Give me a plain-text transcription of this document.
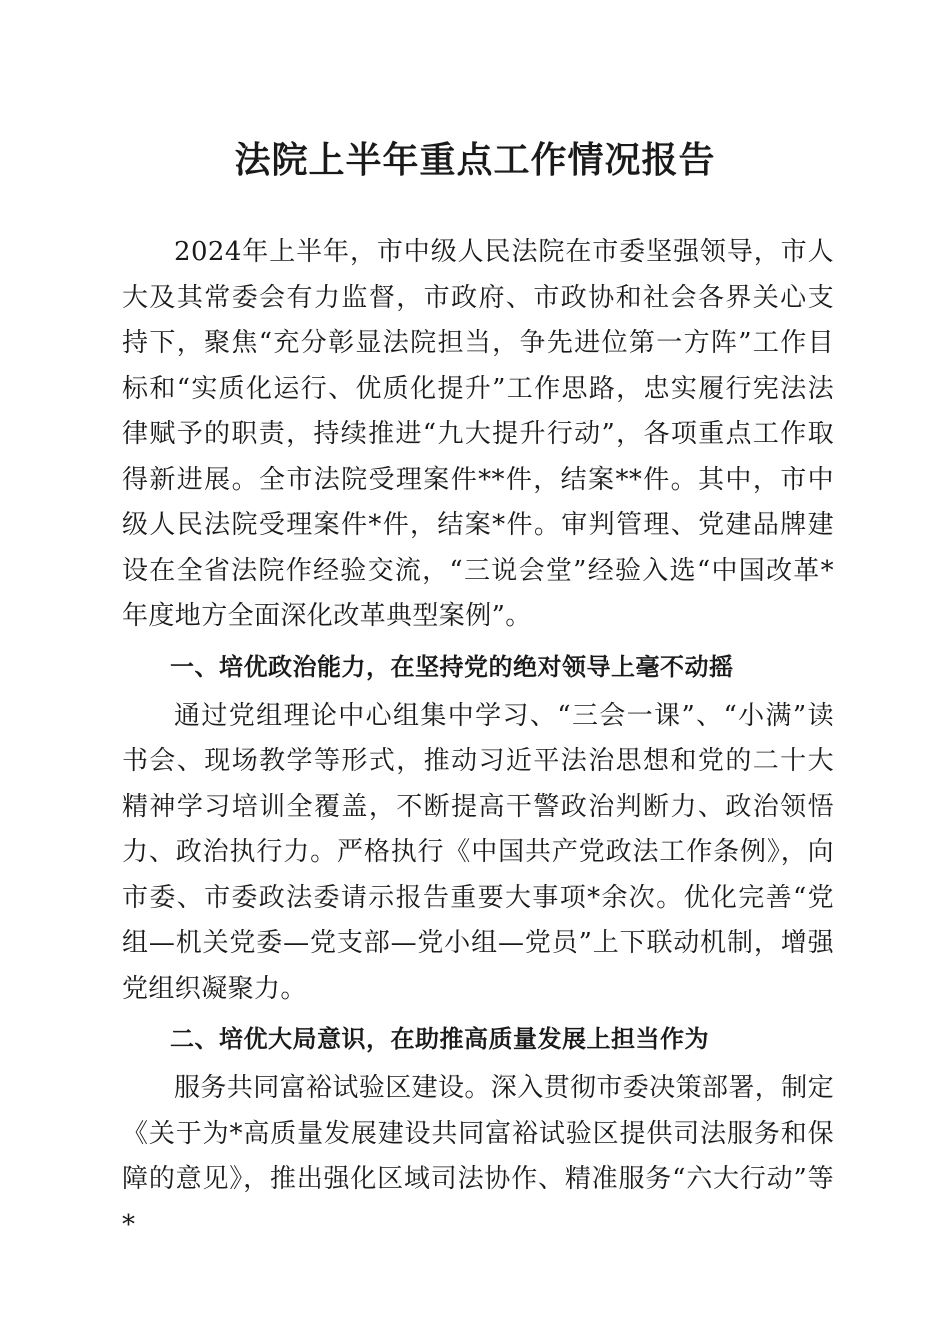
法院上半年重点工作情况报告

2024年上半年，市中级人民法院在市委坚强领导，市人大及其常委会有力监督，市政府、市政协和社会各界关心支持下，聚焦“充分彰显法院担当，争先进位第一方阵”工作目标和“实质化运行、优质化提升”工作思路，忠实履行宪法法律赋予的职责，持续推进“九大提升行动”，各项重点工作取得新进展。全市法院受理案件**件，结案**件。其中，市中级人民法院受理案件*件，结案*件。审判管理、党建品牌建设在全省法院作经验交流，“三说会堂”经验入选“中国改革*年度地方全面深化改革典型案例”。

一、培优政治能力，在坚持党的绝对领导上毫不动摇

通过党组理论中心组集中学习、“三会一课”、“小满”读书会、现场教学等形式，推动习近平法治思想和党的二十大精神学习培训全覆盖，不断提高干警政治判断力、政治领悟力、政治执行力。严格执行《中国共产党政法工作条例》，向市委、市委政法委请示报告重要大事项*余次。优化完善“党组—机关党委—党支部—党小组—党员”上下联动机制，增强党组织凝聚力。

二、培优大局意识，在助推高质量发展上担当作为

服务共同富裕试验区建设。深入贯彻市委决策部署，制定《关于为*高质量发展建设共同富裕试验区提供司法服务和保障的意见》，推出强化区域司法协作、精准服务“六大行动”等*
